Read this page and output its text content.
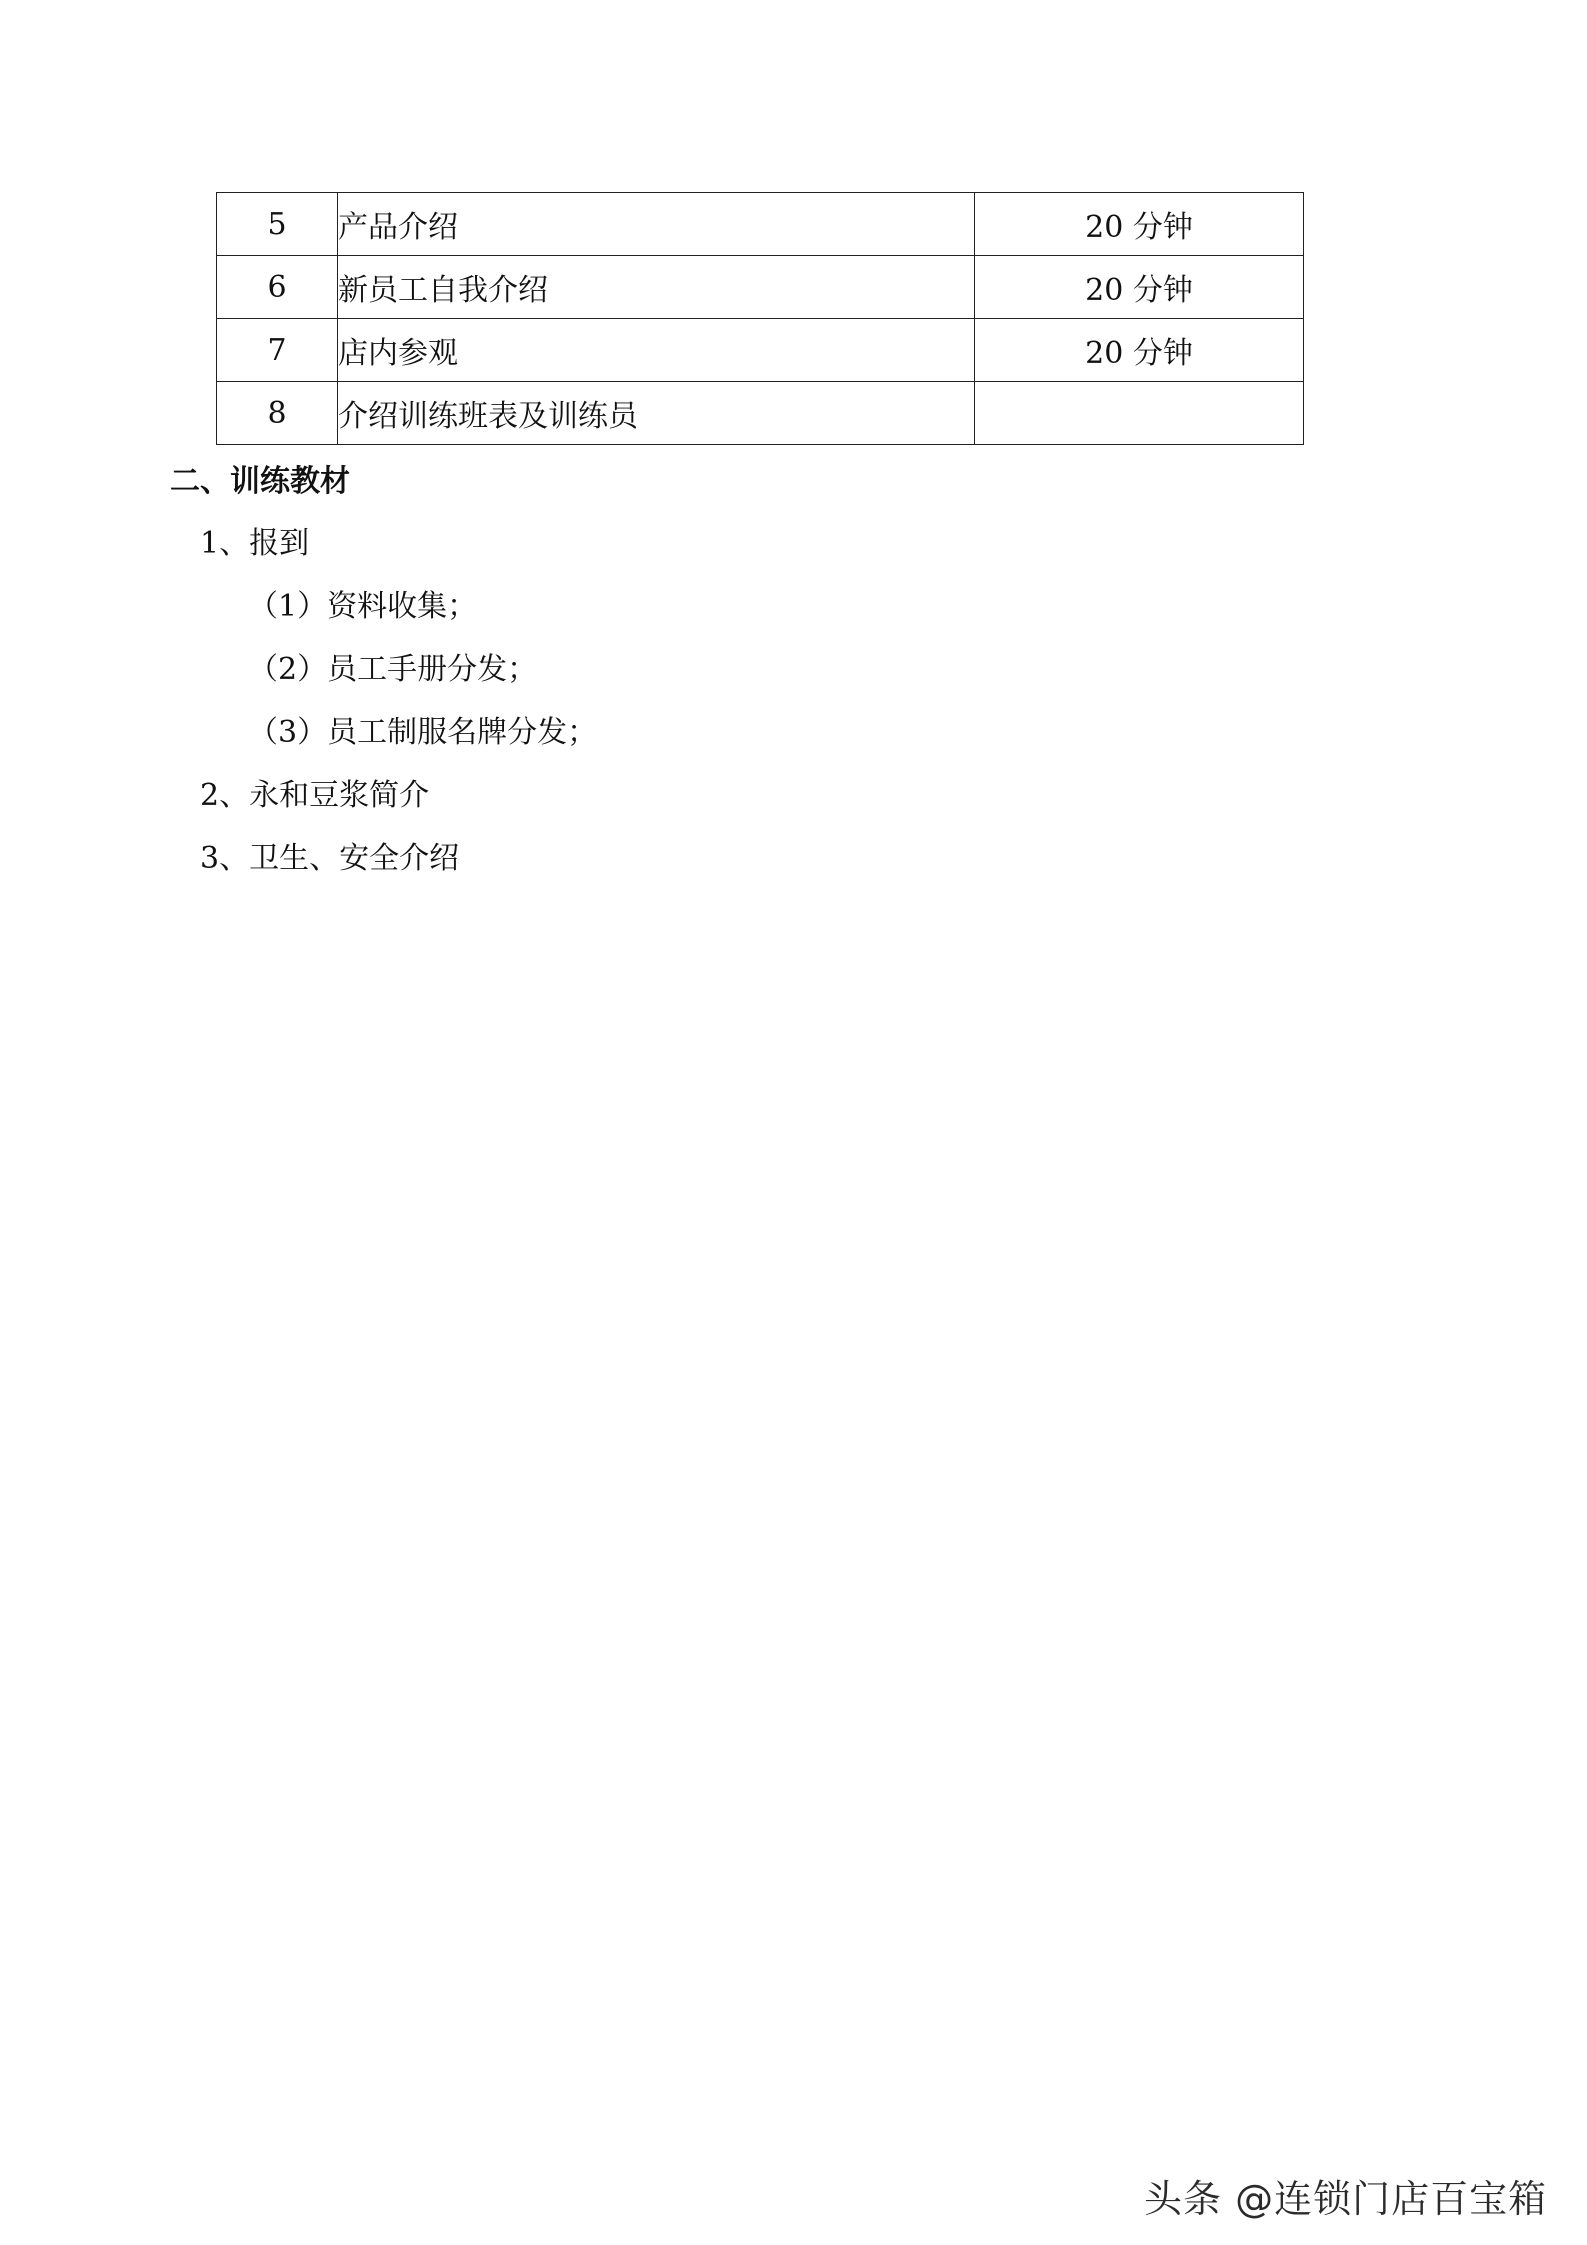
5	产品介绍	20 分钟
6	新员工自我介绍	20 分钟
7	店内参观	20 分钟
8	介绍训练班表及训练员	
二、训练教材
1、报到
（1）资料收集；
（2）员工手册分发；
（3）员工制服名牌分发；
2、永和豆浆简介
3、卫生、安全介绍
头条 @连锁门店百宝箱
